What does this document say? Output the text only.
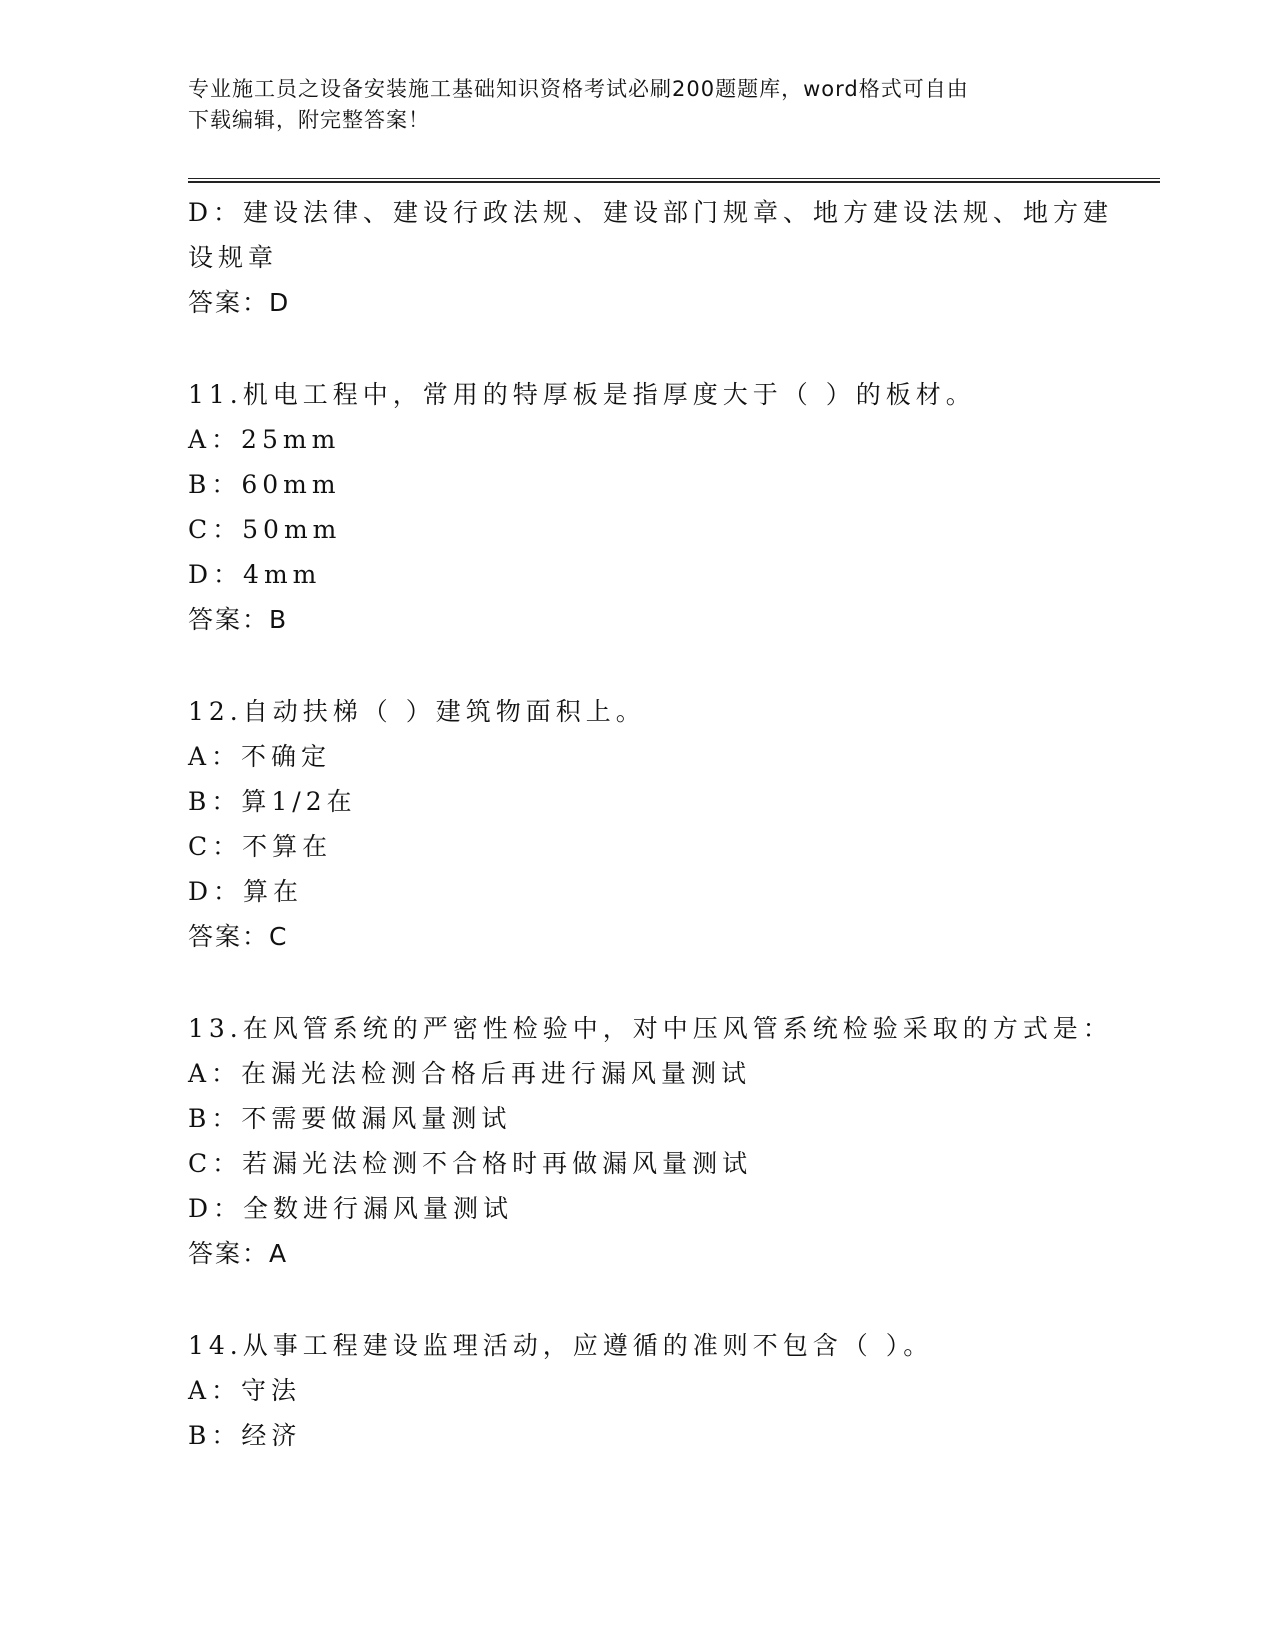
专业施工员之设备安装施工基础知识资格考试必刷200题题库，word格式可自由
下载编辑，附完整答案！
D：建设法律、建设行政法规、建设部门规章、地方建设法规、地方建
设规章
答案：D
11.机电工程中，常用的特厚板是指厚度大于（ ）的板材。
A：25mm
B：60mm
C：50mm
D：4mm
答案：B
12.自动扶梯（ ）建筑物面积上。
A：不确定
B：算1/2在
C：不算在
D：算在
答案：C
13.在风管系统的严密性检验中，对中压风管系统检验采取的方式是：
A：在漏光法检测合格后再进行漏风量测试
B：不需要做漏风量测试
C：若漏光法检测不合格时再做漏风量测试
D：全数进行漏风量测试
答案：A
14.从事工程建设监理活动，应遵循的准则不包含（ ）。
A：守法
B：经济
